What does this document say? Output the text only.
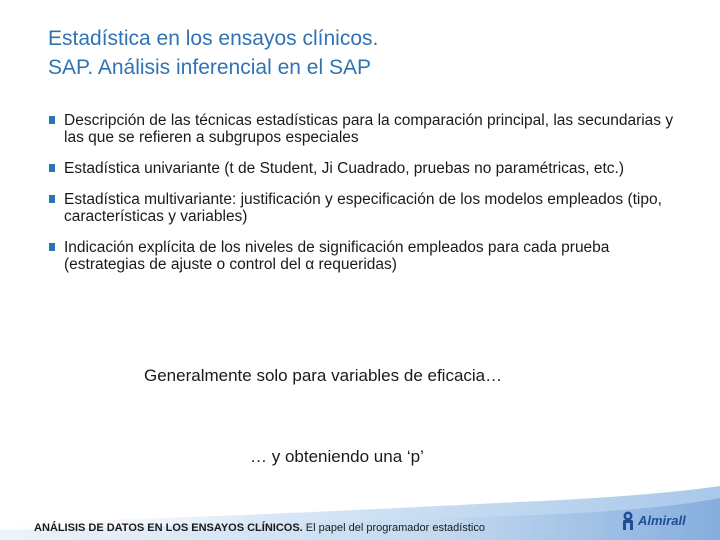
Estadística en los ensayos clínicos.
SAP. Análisis inferencial en el SAP
Descripción de las técnicas estadísticas para la comparación principal, las secundarias y las que se refieren a subgrupos especiales
Estadística univariante (t de Student, Ji Cuadrado, pruebas no paramétricas, etc.)
Estadística multivariante: justificación y especificación de los modelos empleados (tipo, características y variables)
Indicación explícita de los niveles de significación empleados para cada prueba (estrategias de ajuste o control del α requeridas)
Generalmente solo para variables de eficacia…
… y obteniendo una ‘p’
ANÁLISIS DE DATOS EN LOS ENSAYOS CLÍNICOS. El papel del programador estadístico
Almirall
